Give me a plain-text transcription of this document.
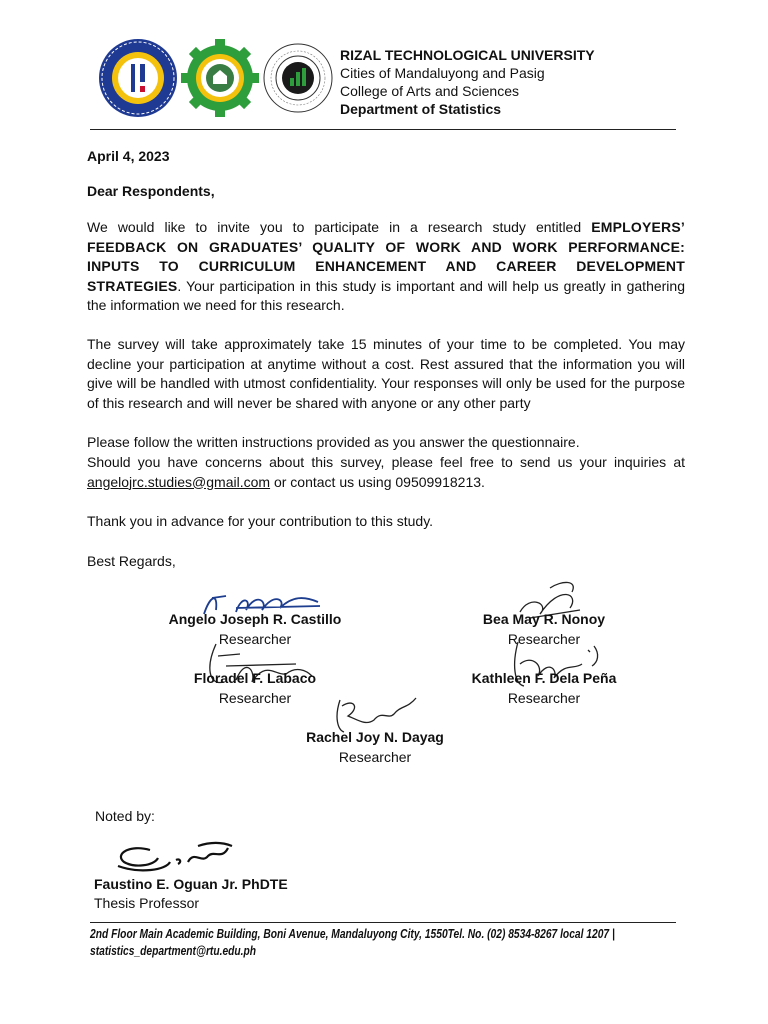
RIZAL TECHNOLOGICAL UNIVERSITY
Cities of Mandaluyong and Pasig
College of Arts and Sciences
Department of Statistics
April 4, 2023
Dear Respondents,
We would like to invite you to participate in a research study entitled EMPLOYERS’ FEEDBACK ON GRADUATES’ QUALITY OF WORK AND WORK PERFORMANCE: INPUTS TO CURRICULUM ENHANCEMENT AND CAREER DEVELOPMENT STRATEGIES. Your participation in this study is important and will help us greatly in gathering the information we need for this research.
The survey will take approximately take 15 minutes of your time to be completed. You may decline your participation at anytime without a cost. Rest assured that the information you will give will be handled with utmost confidentiality. Your responses will only be used for the purpose of this research and will never be shared with anyone or any other party
Please follow the written instructions provided as you answer the questionnaire.
Should you have concerns about this survey, please feel free to send us your inquiries at angelojrc.studies@gmail.com or contact us using 09509918213.
Thank you in advance for your contribution to this study.
Best Regards,
Angelo Joseph R. Castillo
Researcher
Bea May R. Nonoy
Researcher
Floradel F. Labaco
Researcher
Kathleen F. Dela Peña
Researcher
Rachel Joy N. Dayag
Researcher
Noted by:
Faustino E. Oguan Jr. PhDTE
Thesis Professor
2nd Floor Main Academic Building, Boni Avenue, Mandaluyong City, 1550Tel. No. (02) 8534-8267 local 1207 |
statistics_department@rtu.edu.ph
